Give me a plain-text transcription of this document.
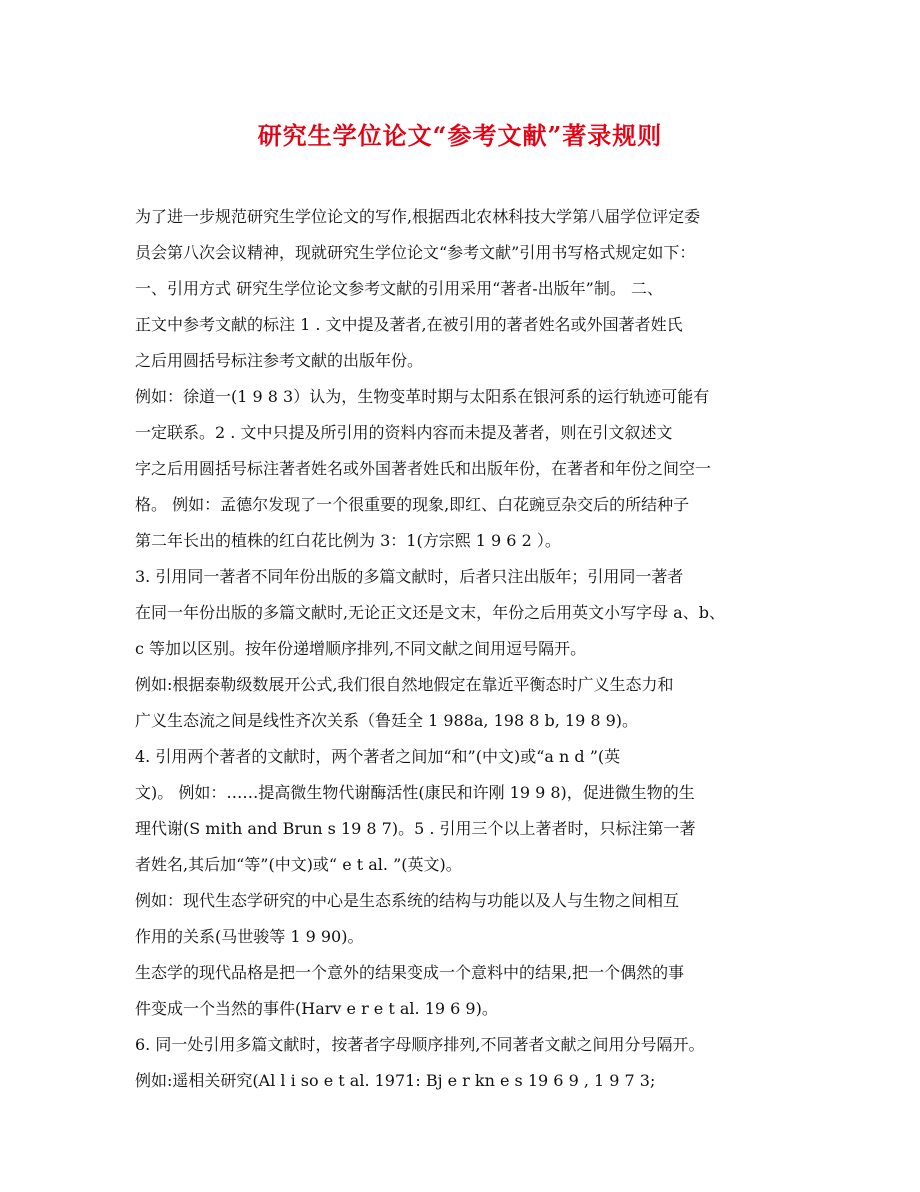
研究生学位论文“参考文献”著录规则
为了进一步规范研究生学位论文的写作,根据西北农林科技大学第八届学位评定委
员会第八次会议精神，现就研究生学位论文“参考文献”引用书写格式规定如下：
一、引用方式 研究生学位论文参考文献的引用采用“著者-出版年”制。 二、
正文中参考文献的标注 1 . 文中提及著者,在被引用的著者姓名或外国著者姓氏
之后用圆括号标注参考文献的出版年份。
例如：徐道一(1 9 8 3）认为，生物变革时期与太阳系在银河系的运行轨迹可能有
一定联系。2 . 文中只提及所引用的资料内容而未提及著者，则在引文叙述文
字之后用圆括号标注著者姓名或外国著者姓氏和出版年份，在著者和年份之间空一
格。 例如：孟德尔发现了一个很重要的现象,即红、白花豌豆杂交后的所结种子
第二年长出的植株的红白花比例为 3：1(方宗熙 1 9 6 2 ）。
3. 引用同一著者不同年份出版的多篇文献时，后者只注出版年；引用同一著者
在同一年份出版的多篇文献时,无论正文还是文末，年份之后用英文小写字母 a、b、
c 等加以区别。按年份递增顺序排列,不同文献之间用逗号隔开。
例如:根据泰勒级数展开公式,我们很自然地假定在靠近平衡态时广义生态力和
广义生态流之间是线性齐次关系（鲁廷全 1 988a, 198 8 b, 19 8 9)。
4. 引用两个著者的文献时，两个著者之间加“和”(中文)或“a n d ”(英
文)。 例如：……提高微生物代谢酶活性(康民和许刚 19 9 8)，促进微生物的生
理代谢(S mith and Brun s 19 8 7)。5 . 引用三个以上著者时，只标注第一著
者姓名,其后加“等”(中文)或“ e t al. ”(英文)。
例如：现代生态学研究的中心是生态系统的结构与功能以及人与生物之间相互
作用的关系(马世骏等 1 9 90)。
生态学的现代品格是把一个意外的结果变成一个意料中的结果,把一个偶然的事
件变成一个当然的事件(Harv e r e t al. 19 6 9)。
6. 同一处引用多篇文献时，按著者字母顺序排列,不同著者文献之间用分号隔开。
例如:遥相关研究(Al l i so e t al. 1971: Bj e r kn e s 19 6 9 , 1 9 7 3;
